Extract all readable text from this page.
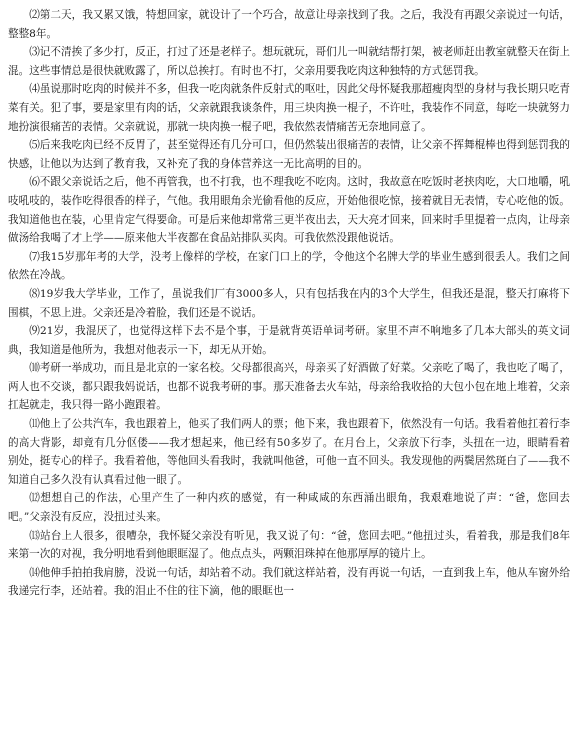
⑵第二天，我又累又饿，特想回家，就设计了一个巧合，故意让母亲找到了我。之后，我没有再跟父亲说过一句话，整整8年。

⑶记不清挨了多少打，反正，打过了还是老样子。想玩就玩，哥们儿一叫就结帮打架，被老师赶出教室就整天在街上混。这些事情总是很快就败露了，所以总挨打。有时也不打，父亲用要我吃肉这种独特的方式惩罚我。

⑷虽说那时吃肉的时候并不多，但我一吃肉就条件反射式的呕吐，因此父母怀疑我那超瘦肉型的身材与我长期只吃青菜有关。犯了事，要是家里有肉的话，父亲就跟我谈条件，用三块肉换一棍子，不许吐，我装作不同意，每吃一块就努力地扮演很痛苦的表情。父亲就说，那就一块肉换一棍子吧，我依然表情痛苦无奈地同意了。

⑸后来我吃肉已经不反胃了，甚至觉得还有几分可口，但仍然装出很痛苦的表情，让父亲不挥舞棍棒也得到惩罚我的快感，让他以为达到了教育我，又补充了我的身体营养这一无比高明的目的。

⑹不跟父亲说话之后，他不再管我，也不打我，也不理我吃不吃肉。这时，我故意在吃饭时老挟肉吃，大口地嚼，吼吱吼吱的，装作吃得很香的样子，气他。我用眼角余光偷看他的反应，开始他很吃惊，接着就目无表情，专心吃他的饭。我知道他也在装，心里肯定气得要命。可是后来他却常常三更半夜出去，天大亮才回来，回来时手里提着一点肉，让母亲做汤给我喝了才上学——原来他大半夜都在食品站排队买肉。可我依然没跟他说话。

⑺我15岁那年考的大学，没考上像样的学校，在家门口上的学，令他这个名牌大学的毕业生感到很丢人。我们之间依然在冷战。

⑻19岁我大学毕业，工作了，虽说我们厂有3000多人，只有包括我在内的3个大学生，但我还是混，整天打麻将下围棋，不思上进。父亲还是冷着脸，我们还是不说话。

⑼21岁，我混厌了，也觉得这样下去不是个事，于是就背英语单词考研。家里不声不响地多了几本大部头的英文词典，我知道是他所为，我想对他表示一下，却无从开始。

⑽考研一举成功，而且是北京的一家名校。父母都很高兴，母亲买了好酒做了好菜。父亲吃了喝了，我也吃了喝了，两人也不交谈，都只跟我妈说话，也都不说我考研的事。那天准备去火车站，母亲给我收拾的大包小包在地上堆着，父亲扛起就走，我只得一路小跑跟着。

⑾他上了公共汽车，我也跟着上，他买了我们两人的票；他下来，我也跟着下，依然没有一句话。我看着他扛着行李的高大背影，却竟有几分伛偻——我才想起来，他已经有50多岁了。在月台上，父亲放下行李，头扭在一边，眼睛看着别处，挺专心的样子。我看着他，等他回头看我时，我就叫他爸，可他一直不回头。我发现他的两鬓居然斑白了——我不知道自己多久没有认真看过他一眼了。

⑿想想自己的作法，心里产生了一种内疚的感觉，有一种咸咸的东西涌出眼角，我艰难地说了声：“爸，您回去吧。”父亲没有反应，没扭过头来。

⒀站台上人很多，很嘈杂，我怀疑父亲没有听见，我又说了句：“爸，您回去吧。”他扭过头，看着我，那是我们8年来第一次的对视，我分明地看到他眼眶湿了。他点点头，两颗泪珠掉在他那厚厚的镜片上。

⒁他伸手拍拍我肩膀，没说一句话，却站着不动。我们就这样站着，没有再说一句话，一直到我上车，他从车窗外给我递完行李，还站着。我的泪止不住的往下滴，他的眼眶也一
